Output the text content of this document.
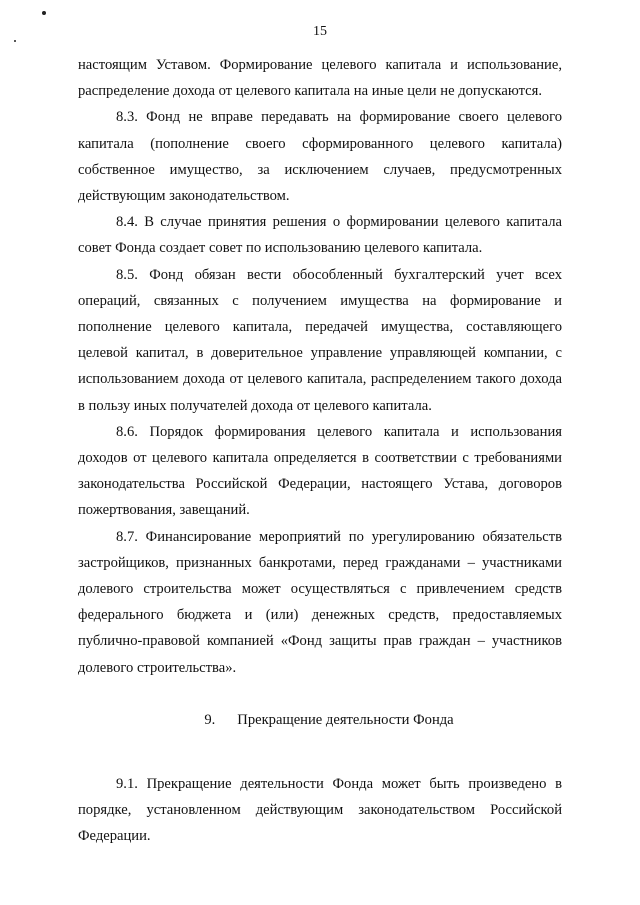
15

настоящим Уставом. Формирование целевого капитала и использование, распределение дохода от целевого капитала на иные цели не допускаются.

8.3. Фонд не вправе передавать на формирование своего целевого капитала (пополнение своего сформированного целевого капитала) собственное имущество, за исключением случаев, предусмотренных действующим законодательством.

8.4. В случае принятия решения о формировании целевого капитала совет Фонда создает совет по использованию целевого капитала.

8.5. Фонд обязан вести обособленный бухгалтерский учет всех операций, связанных с получением имущества на формирование и пополнение целевого капитала, передачей имущества, составляющего целевой капитал, в доверительное управление управляющей компании, с использованием дохода от целевого капитала, распределением такого дохода в пользу иных получателей дохода от целевого капитала.

8.6. Порядок формирования целевого капитала и использования доходов от целевого капитала определяется в соответствии с требованиями законодательства Российской Федерации, настоящего Устава, договоров пожертвования, завещаний.

8.7. Финансирование мероприятий по урегулированию обязательств застройщиков, признанных банкротами, перед гражданами – участниками долевого строительства может осуществляться с привлечением средств федерального бюджета и (или) денежных средств, предоставляемых публично-правовой компанией «Фонд защиты прав граждан – участников долевого строительства».

9. Прекращение деятельности Фонда

9.1. Прекращение деятельности Фонда может быть произведено в порядке, установленном действующим законодательством Российской Федерации.
